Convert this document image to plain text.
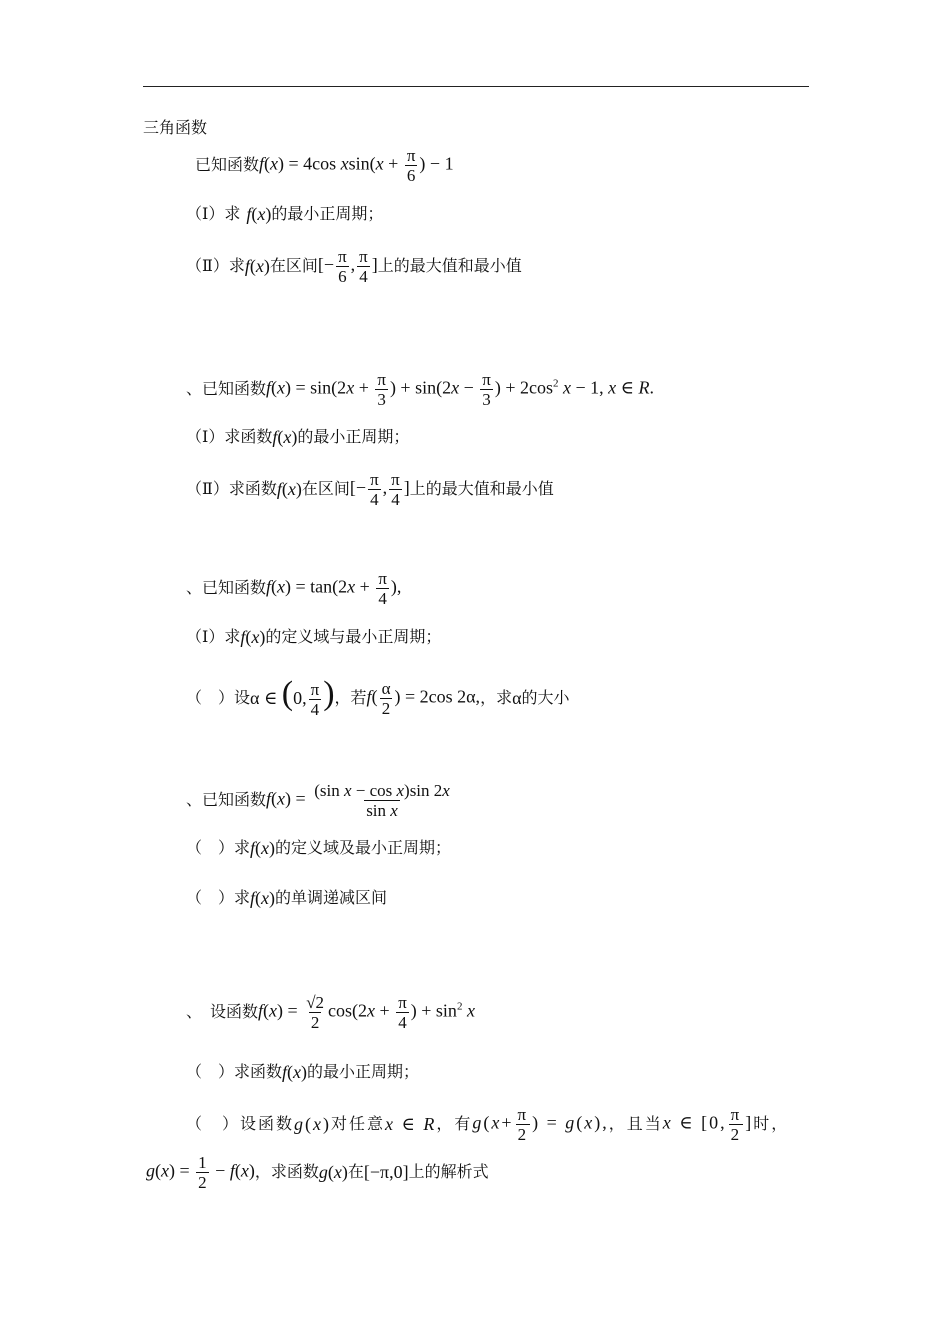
三角函数
已知函数 f(x) = 4cos $xsin(x + \frac{\pi}{6}$ ) − 1
（Ⅰ）求 f(x) 的最小正周期；
（Ⅱ）求 f(x) 在区间 [− $\frac{\pi}{6}$ , $\frac{\pi}{4}$ ] 上的最大值和最小值
、已知函数 $f(x) = \sin(2x + \frac{\pi}{3}$ ) + $\sin(2x - \frac{\pi}{3}$ ) + $2\cos^2$ x − 1, x ∈ R.
（Ⅰ）求函数 f(x) 的最小正周期；
（Ⅱ）求函数 f(x) 在区间 [− $\frac{\pi}{4}$ , $\frac{\pi}{4}$ ] 上的最大值和最小值
、已知函数 $f(x) = \tan(2x + \frac{\pi}{4}$ ),
（Ⅰ）求 f(x) 的定义域与最小正周期；
（　）设 α ∈ (0, $\frac{\pi}{4}$ ) ，若 $f( \frac{\alpha}{2}$ ) = 2cos 2α, ，求 α 的大小
、已知函数 $f(x) = \frac{\text{(sin x − cos x)sin 2x}}{\text{sin x}}$
（　）求 f(x) 的定义域及最小正周期；
（　）求 f(x) 的单调递减区间
、　设函数 $f(x) = \frac{√2}{2} \cos(2x + \frac{\pi}{4}$ ) + $\sin^2 x$
（　）求函数 f(x) 的最小正周期；
（　）设函数 g(x) 对任意 x ∈ R ，有 $g(x+ \frac{\pi}{2}$ ) = g(x), ，且当 x ∈ [0, $\frac{\pi}{2}$ ] 时，
$g(x) = \frac{1}{2} - f(x)$ ，求函数 g(x) 在 [−π,0] 上的解析式
